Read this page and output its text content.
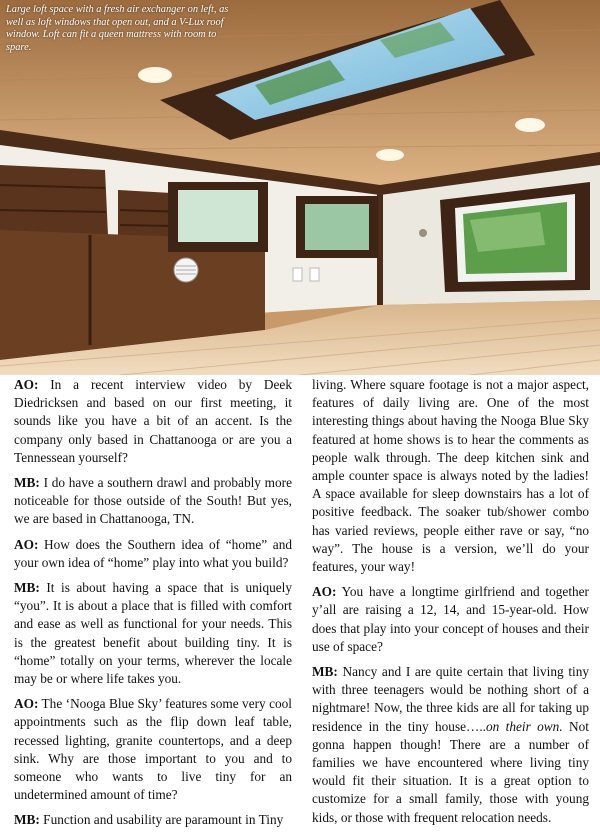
Large loft space with a fresh air exchanger on left, as well as loft windows that open out, and a V-Lux roof window. Loft can fit a queen mattress with room to spare.

AO: In a recent interview video by Deek Diedricksen and based on our first meeting, it sounds like you have a bit of an accent. Is the company only based in Chattanooga or are you a Tennessean yourself?

MB: I do have a southern drawl and probably more noticeable for those outside of the South! But yes, we are based in Chattanooga, TN.

AO: How does the Southern idea of “home” and your own idea of “home” play into what you build?

MB: It is about having a space that is uniquely “you”. It is about a place that is filled with comfort and ease as well as functional for your needs. This is the greatest benefit about building tiny. It is “home” totally on your terms, wherever the locale may be or where life takes you.

AO: The ‘Nooga Blue Sky’ features some very cool appointments such as the flip down leaf table, recessed lighting, granite countertops, and a deep sink. Why are those important to you and to someone who wants to live tiny for an undetermined amount of time?

MB: Function and usability are paramount in Tiny

living. Where square footage is not a major aspect, features of daily living are. One of the most interesting things about having the Nooga Blue Sky featured at home shows is to hear the comments as people walk through. The deep kitchen sink and ample counter space is always noted by the ladies! A space available for sleep downstairs has a lot of positive feedback. The soaker tub/shower combo has varied reviews, people either rave or say, “no way”. The house is a version, we’ll do your features, your way!

AO: You have a longtime girlfriend and together y’all are raising a 12, 14, and 15-year-old. How does that play into your concept of houses and their use of space?

MB: Nancy and I are quite certain that living tiny with three teenagers would be nothing short of a nightmare! Now, the three kids are all for taking up residence in the tiny house…..on their own. Not gonna happen though! There are a number of families we have encountered where living tiny would fit their situation. It is a great option to customize for a small family, those with young kids, or those with frequent relocation needs.
